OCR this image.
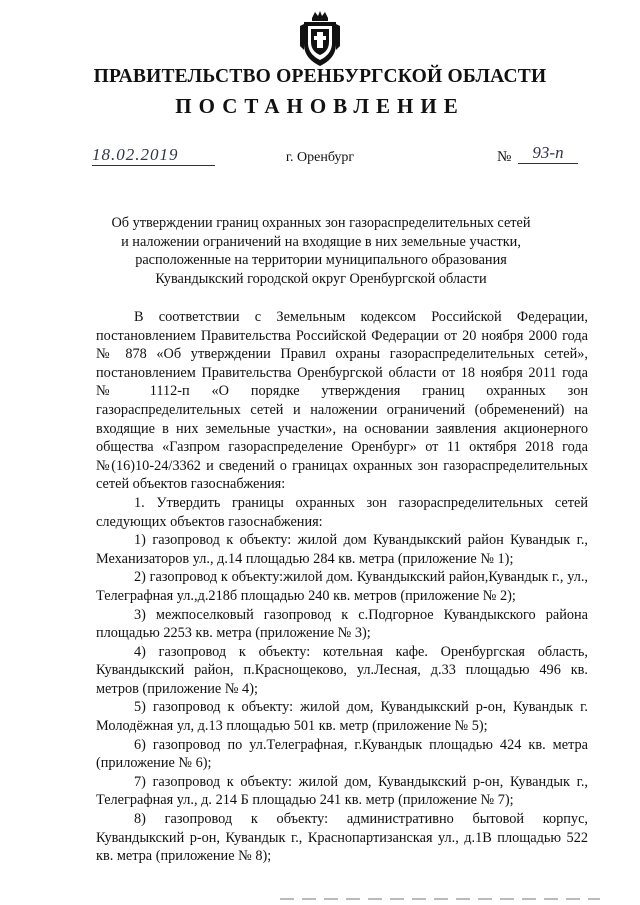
ПРАВИТЕЛЬСТВО ОРЕНБУРГСКОЙ ОБЛАСТИ
ПОСТАНОВЛЕНИЕ
18.02.2019	г. Оренбург	№	93-п
Об утверждении границ охранных зон газораспределительных сетей
и наложении ограничений на входящие в них земельные участки,
расположенные на территории муниципального образования
Кувандыкский городской округ Оренбургской области

В соответствии с Земельным кодексом Российской Федерации, постановлением Правительства Российской Федерации от 20 ноября 2000 года № 878 «Об утверждении Правил охраны газораспределительных сетей», постановлением Правительства Оренбургской области от 18 ноября 2011 года № 1112-п «О порядке утверждения границ охранных зон газораспределительных сетей и наложении ограничений (обременений) на входящие в них земельные участки», на основании заявления акционерного общества «Газпром газораспределение Оренбург» от 11 октября 2018 года №(16)10-24/3362 и сведений о границах охранных зон газораспределительных сетей объектов газоснабжения:

1. Утвердить границы охранных зон газораспределительных сетей следующих объектов газоснабжения:

1) газопровод к объекту: жилой дом Кувандыкский район Кувандык г., Механизаторов ул., д.14 площадью 284 кв. метра (приложение № 1);

2) газопровод к объекту:жилой дом. Кувандыкский район,Кувандык г., ул., Телеграфная ул.,д.218б площадью 240 кв. метров (приложение № 2);

3) межпоселковый газопровод к с.Подгорное Кувандыкского района площадью 2253 кв. метра (приложение № 3);

4) газопровод к объекту: котельная кафе. Оренбургская область, Кувандыкский район, п.Краснощеково, ул.Лесная, д.33 площадью 496 кв. метров (приложение № 4);

5) газопровод к объекту: жилой дом, Кувандыкский р-он, Кувандык г. Молодёжная ул, д.13 площадью 501 кв. метр (приложение № 5);

6) газопровод по ул.Телеграфная, г.Кувандык площадью 424 кв. метра (приложение № 6);

7) газопровод к объекту: жилой дом, Кувандыкский р-он, Кувандык г., Телеграфная ул., д. 214 Б площадью 241 кв. метр (приложение № 7);

8) газопровод к объекту: административно бытовой корпус, Кувандыкский р-он, Кувандык г., Краснопартизанская ул., д.1В площадью 522 кв. метра (приложение № 8);
